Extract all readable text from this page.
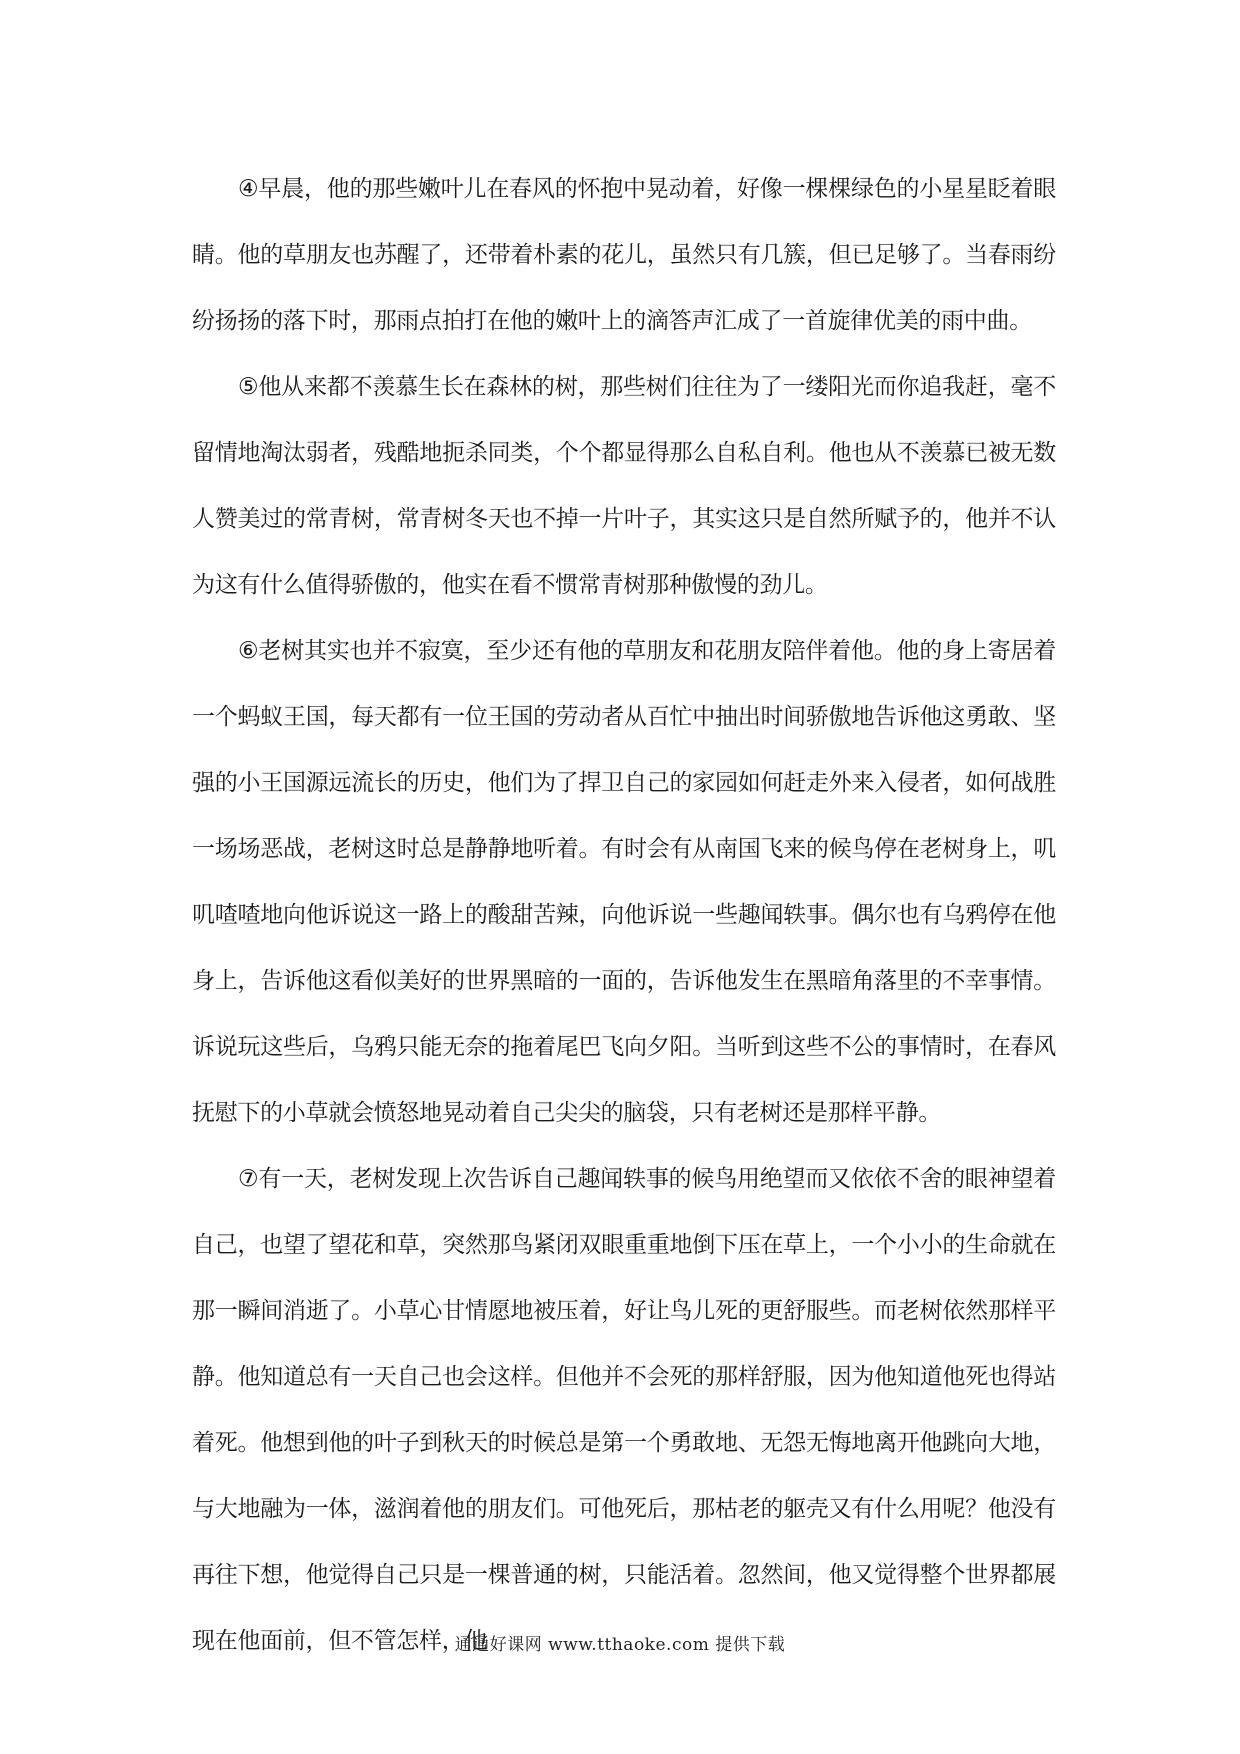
④早晨，他的那些嫩叶儿在春风的怀抱中晃动着，好像一棵棵绿色的小星星眨着眼睛。他的草朋友也苏醒了，还带着朴素的花儿，虽然只有几簇，但已足够了。当春雨纷纷扬扬的落下时，那雨点拍打在他的嫩叶上的滴答声汇成了一首旋律优美的雨中曲。

⑤他从来都不羡慕生长在森林的树，那些树们往往为了一缕阳光而你追我赶，毫不留情地淘汰弱者，残酷地扼杀同类，个个都显得那么自私自利。他也从不羡慕已被无数人赞美过的常青树，常青树冬天也不掉一片叶子，其实这只是自然所赋予的，他并不认为这有什么值得骄傲的，他实在看不惯常青树那种傲慢的劲儿。

⑥老树其实也并不寂寞，至少还有他的草朋友和花朋友陪伴着他。他的身上寄居着一个蚂蚁王国，每天都有一位王国的劳动者从百忙中抽出时间骄傲地告诉他这勇敢、坚强的小王国源远流长的历史，他们为了捍卫自己的家园如何赶走外来入侵者，如何战胜一场场恶战，老树这时总是静静地听着。有时会有从南国飞来的候鸟停在老树身上，叽叽喳喳地向他诉说这一路上的酸甜苦辣，向他诉说一些趣闻轶事。偶尔也有乌鸦停在他身上，告诉他这看似美好的世界黑暗的一面的，告诉他发生在黑暗角落里的不幸事情。诉说玩这些后，乌鸦只能无奈的拖着尾巴飞向夕阳。当听到这些不公的事情时，在春风抚慰下的小草就会愤怒地晃动着自己尖尖的脑袋，只有老树还是那样平静。

⑦有一天，老树发现上次告诉自己趣闻轶事的候鸟用绝望而又依依不舍的眼神望着自己，也望了望花和草，突然那鸟紧闭双眼重重地倒下压在草上，一个小小的生命就在那一瞬间消逝了。小草心甘情愿地被压着，好让鸟儿死的更舒服些。而老树依然那样平静。他知道总有一天自己也会这样。但他并不会死的那样舒服，因为他知道他死也得站着死。他想到他的叶子到秋天的时候总是第一个勇敢地、无怨无悔地离开他跳向大地，与大地融为一体，滋润着他的朋友们。可他死后，那枯老的躯壳又有什么用呢？他没有再往下想，他觉得自己只是一棵普通的树，只能活着。忽然间，他又觉得整个世界都展现在他面前，但不管怎样，他

通通好课网 www.tthaoke.com 提供下载
